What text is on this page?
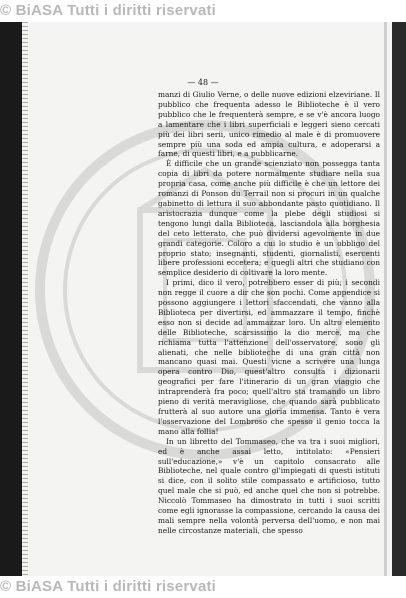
© BiASA Tutti i diritti riservati
— 48 —

manzi di Giulio Verne, o delle nuove edizioni elzeviriane. Il pubblico che frequenta adesso le Biblioteche è il vero pubblico che le frequenterà sempre, e se v'è ancora luogo a lamentare che i libri superficiali e leggeri sieno cercati più dei libri serii, unico rimedio al male è di promuovere sempre più una soda ed ampia cultura, e adoperarsi a farne, di questi libri, e a pubblicarne.

È difficile che un grande scienziato non posseggа tanta copia di libri da potere normalmente studiare nella sua propria casa, come anche più difficile è che un lettore dei romanzi di Ponson du Terrail non si procuri in un qualche gabinetto di lettura il suo abbondante pasto quotidiano. Il aristocrazia dunque come la plebe degli studiosi si tengono lungi dalla Biblioteca, lasciandola alla borghesia del ceto letterato, che può dividersi agevolmente in due grandi categorie. Coloro a cui lo studio è un obbligo del proprio stato; insegnanti, studenti, giornalisti, esercenti libere professioni eccetera; e quegli altri che studiano con semplice desiderio di coltivare la loro mente.

I primi, dico il vero, potrebbero esser di più; i secondi non regge il cuore a dir che son pochi. Come appendice si possono aggiungere i lettori sfaccendati, che vanno alla Biblioteca per divertirsi, ed ammazzare il tempo, finchè esso non si decide ad ammazzar loro. Un altro elemento delle Biblioteche, scarsissimo la dio mercè, ma che richiama tutta l'attenzione dell'osservatore, sono gli alienati, che nelle biblioteche di una gran città non mancano quasi mai. Questi vicne a scrivere una lunga opera contro Dio, quest'altro consulta i dizionarii geografici per fare l'itinerario di un gran viaggio che intraprenderà fra poco; quell'altro sta tramando un libro pieno di verità meravigliose, che quando sarà pubblicato frutterà al suo autore una gloria immensa. Tanto è vera l'osservazione del Lombroso che spesso il genio tocca la mano alla follia!

In un libretto del Tommaseo, che va tra i suoi migliori, ed è anche assai letto, intitolato: «Pensieri sull'educazione,» v'è un capitolo consacrato alle Biblioteche, nel quale contro gl'impiegati di questi istituti si dice, con il solito stile compassato e artificioso, tutto quel male che si può, ed anche quel che non si potrebbe. Niccolò Tommaseo ha dimostrato in tutti i suoi scritti come egli ignorasse la compassione, cercando la causa dei mali sempre nella volontà perversa dell'uomo, e non mai nelle circostanze materiali, che spesso

© BiASA Tutti i diritti riservati
